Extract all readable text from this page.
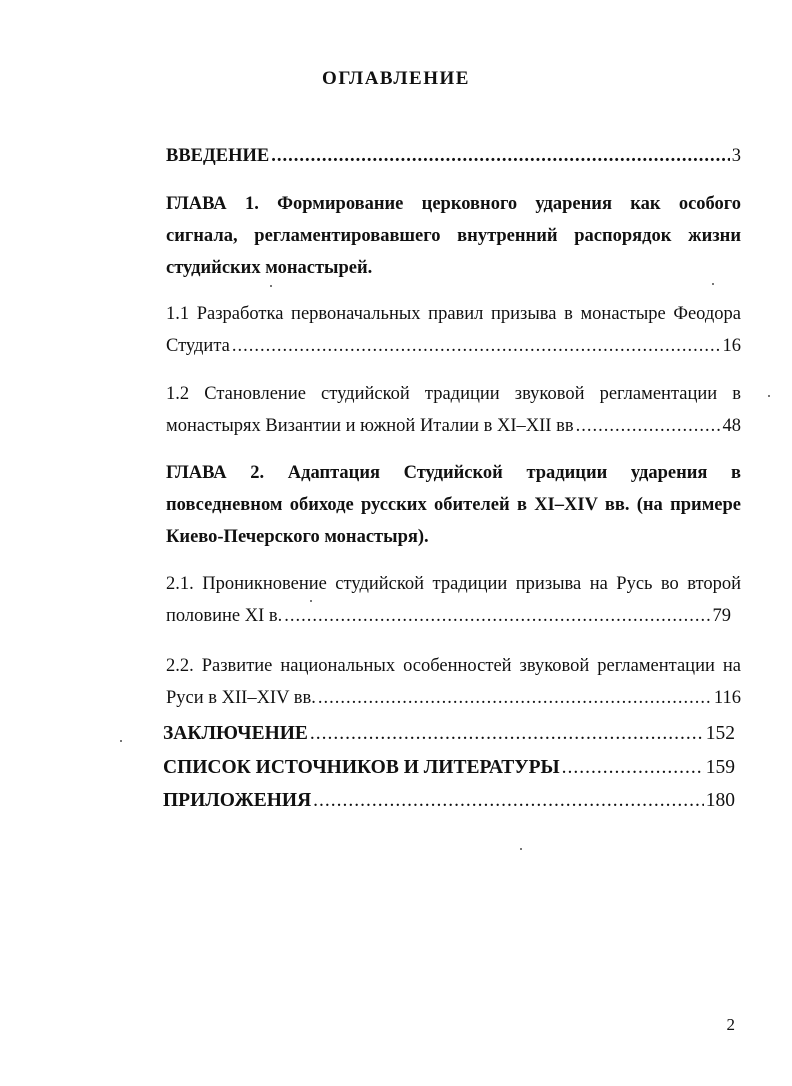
ОГЛАВЛЕНИЕ
ВВЕДЕНИЕ .....	3
ГЛАВА 1. Формирование церковного ударения как особого
сигнала, регламентировавшего внутренний распорядок жизни
студийских монастырей.
1.1 Разработка первоначальных правил призыва в монастыре Феодора
Студита .....	16
1.2 Становление студийской традиции звуковой регламентации в
монастырях Византии и южной Италии в XI–XII вв .....	48
ГЛАВА 2. Адаптация Студийской традиции ударения в
повседневном обиходе русских обителей в XI–XIV вв. (на примере
Киево-Печерского монастыря).
2.1. Проникновение студийской традиции призыва на Русь во второй
половине XI в. .....	79
2.2. Развитие национальных особенностей звуковой регламентации на
Руси в XII–XIV вв. .....	116
ЗАКЛЮЧЕНИЕ .....	152
СПИСОК ИСТОЧНИКОВ И ЛИТЕРАТУРЫ .....	159
ПРИЛОЖЕНИЯ .....	180
2
